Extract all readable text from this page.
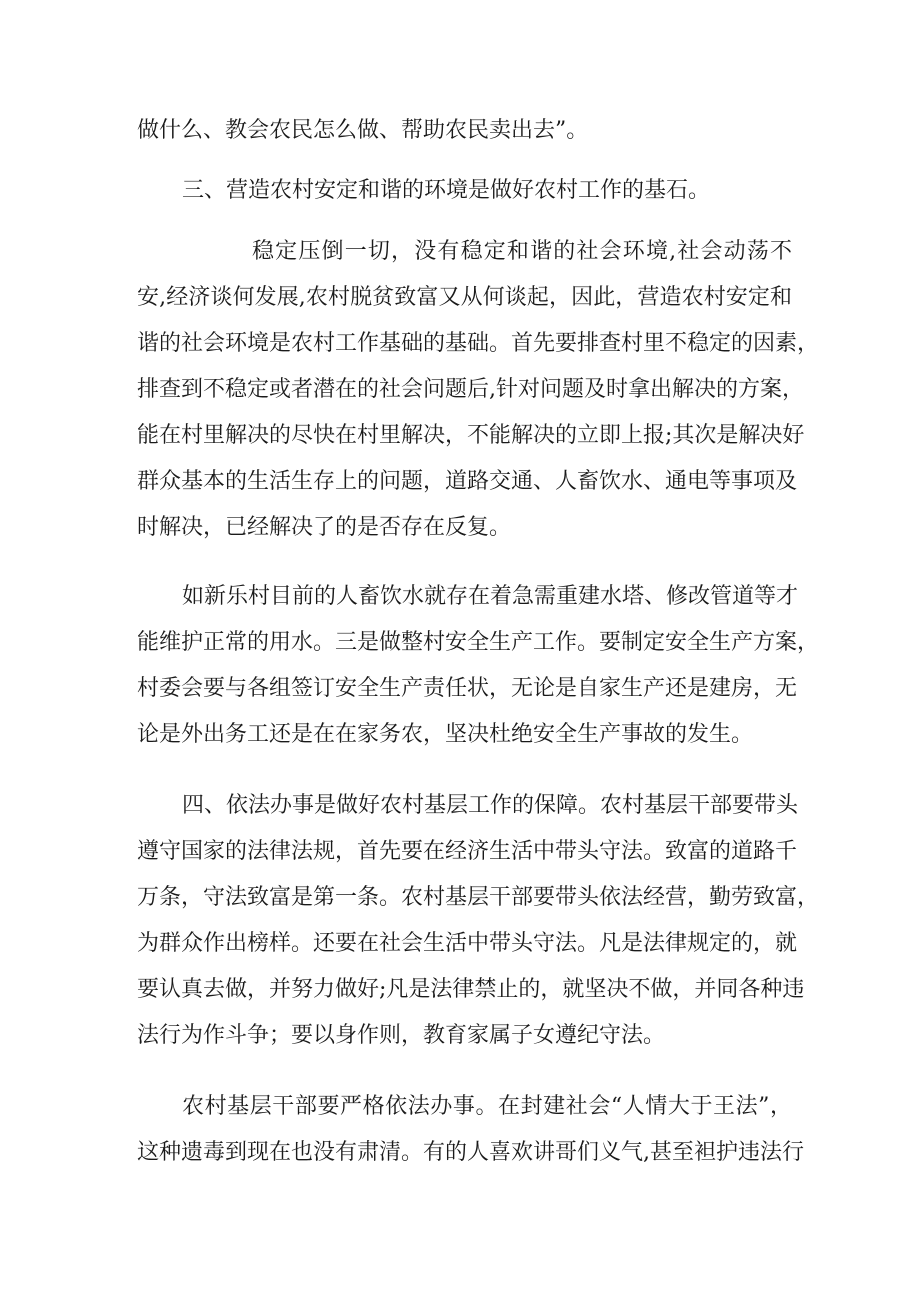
做什么、教会农民怎么做、帮助农民卖出去”。
三、营造农村安定和谐的环境是做好农村工作的基石。
稳定压倒一切，没有稳定和谐的社会环境,社会动荡不
安,经济谈何发展,农村脱贫致富又从何谈起，因此，营造农村安定和
谐的社会环境是农村工作基础的基础。首先要排查村里不稳定的因素，
排查到不稳定或者潜在的社会问题后,针对问题及时拿出解决的方案，
能在村里解决的尽快在村里解决，不能解决的立即上报;其次是解决好
群众基本的生活生存上的问题，道路交通、人畜饮水、通电等事项及
时解决，已经解决了的是否存在反复。
如新乐村目前的人畜饮水就存在着急需重建水塔、修改管道等才
能维护正常的用水。三是做整村安全生产工作。要制定安全生产方案，
村委会要与各组签订安全生产责任状，无论是自家生产还是建房，无
论是外出务工还是在在家务农，坚决杜绝安全生产事故的发生。
四、依法办事是做好农村基层工作的保障。农村基层干部要带头
遵守国家的法律法规，首先要在经济生活中带头守法。致富的道路千
万条，守法致富是第一条。农村基层干部要带头依法经营，勤劳致富，
为群众作出榜样。还要在社会生活中带头守法。凡是法律规定的，就
要认真去做，并努力做好;凡是法律禁止的，就坚决不做，并同各种违
法行为作斗争；要以身作则，教育家属子女遵纪守法。
农村基层干部要严格依法办事。在封建社会“人情大于王法”，
这种遗毒到现在也没有肃清。有的人喜欢讲哥们义气,甚至袒护违法行
